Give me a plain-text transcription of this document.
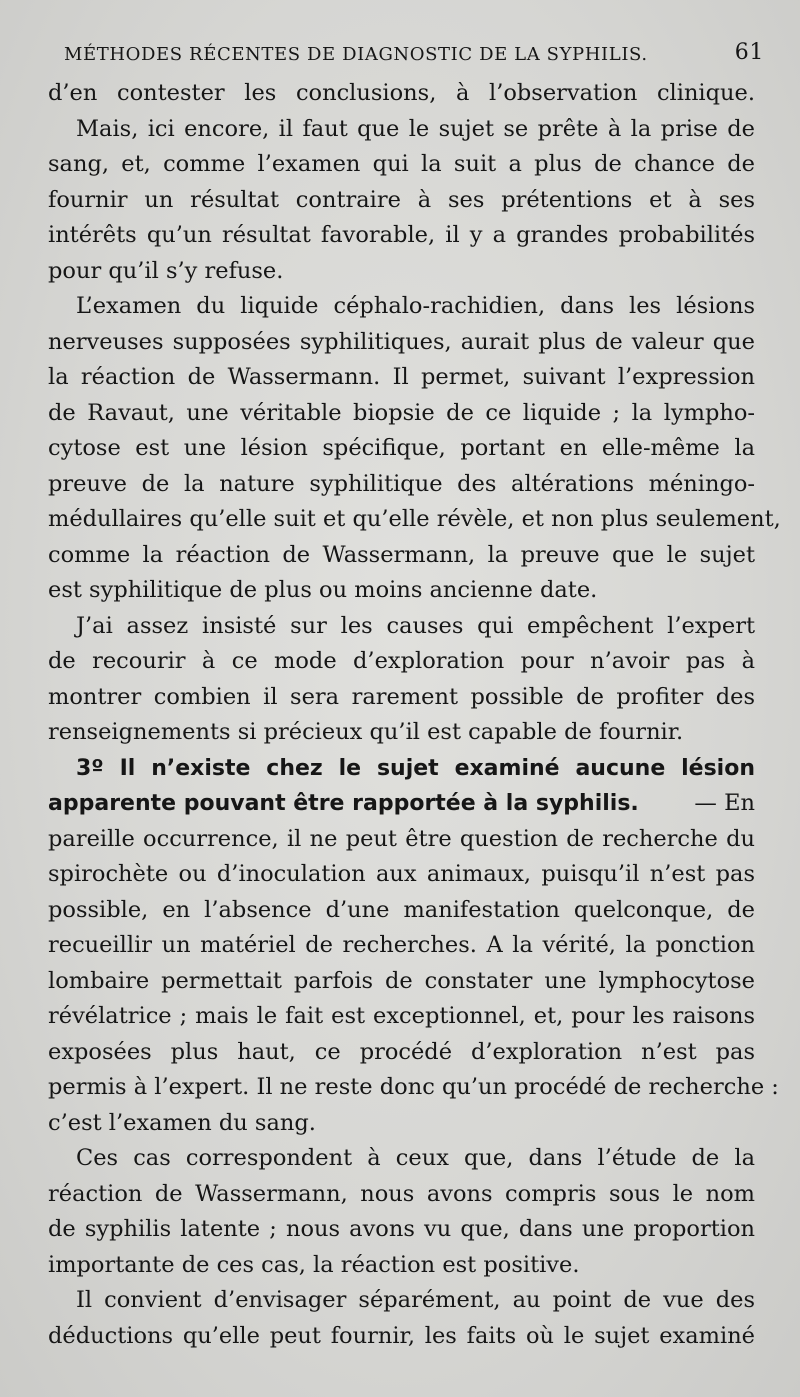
MÉTHODES RÉCENTES DE DIAGNOSTIC DE LA SYPHILIS.	61
d’en contester les conclusions, à l’observation clinique.
Mais, ici encore, il faut que le sujet se prête à la prise de
sang, et, comme l’examen qui la suit a plus de chance de
fournir un résultat contraire à ses prétentions et à ses
intérêts qu’un résultat favorable, il y a grandes probabilités
pour qu’il s’y refuse.
L’examen du liquide céphalo-rachidien, dans les lésions
nerveuses supposées syphilitiques, aurait plus de valeur que
la réaction de Wassermann. Il permet, suivant l’expression
de Ravaut, une véritable biopsie de ce liquide ; la lympho-
cytose est une lésion spécifique, portant en elle-même la
preuve de la nature syphilitique des altérations méningo-
médullaires qu’elle suit et qu’elle révèle, et non plus seulement,
comme la réaction de Wassermann, la preuve que le sujet
est syphilitique de plus ou moins ancienne date.
J’ai assez insisté sur les causes qui empêchent l’expert
de recourir à ce mode d’exploration pour n’avoir pas à
montrer combien il sera rarement possible de profiter des
renseignements si précieux qu’il est capable de fournir.
3º Il n’existe chez le sujet examiné aucune lésion
apparente pouvant être rapportée à la syphilis. — En
pareille occurrence, il ne peut être question de recherche du
spirochète ou d’inoculation aux animaux, puisqu’il n’est pas
possible, en l’absence d’une manifestation quelconque, de
recueillir un matériel de recherches. A la vérité, la ponction
lombaire permettait parfois de constater une lymphocytose
révélatrice ; mais le fait est exceptionnel, et, pour les raisons
exposées plus haut, ce procédé d’exploration n’est pas
permis à l’expert. Il ne reste donc qu’un procédé de recherche :
c’est l’examen du sang.
Ces cas correspondent à ceux que, dans l’étude de la
réaction de Wassermann, nous avons compris sous le nom
de syphilis latente ; nous avons vu que, dans une proportion
importante de ces cas, la réaction est positive.
Il convient d’envisager séparément, au point de vue des
déductions qu’elle peut fournir, les faits où le sujet examiné
